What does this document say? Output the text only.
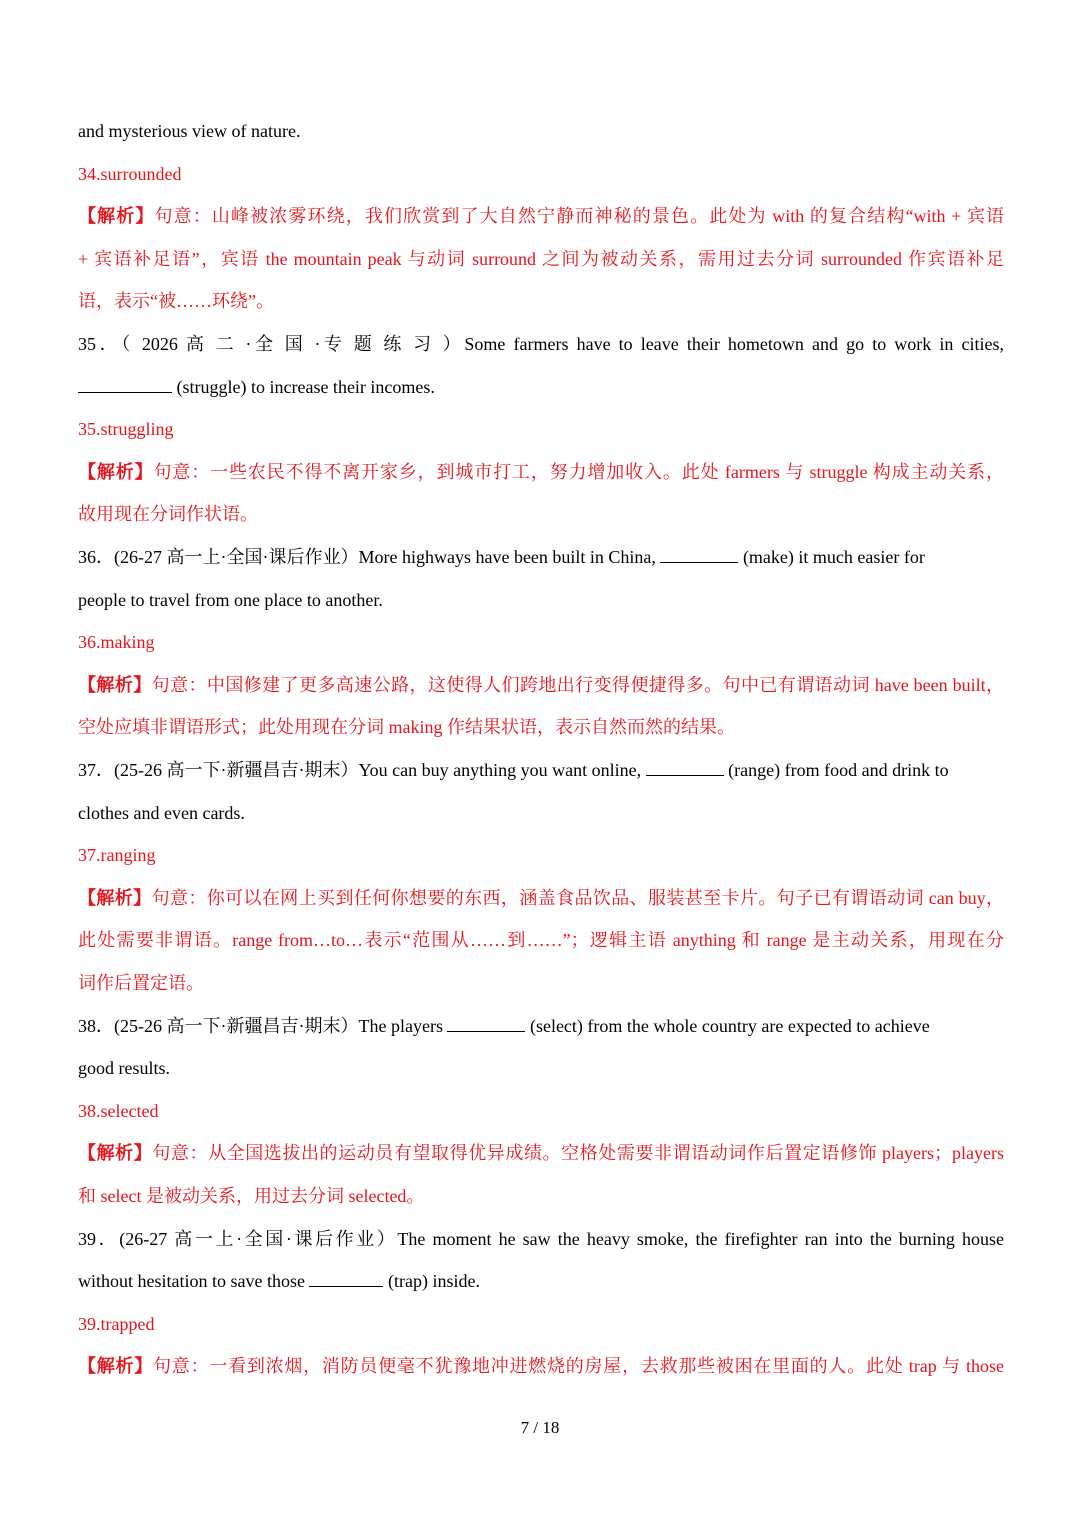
and mysterious view of nature.
34.surrounded
【解析】句意：山峰被浓雾环绕，我们欣赏到了大自然宁静而神秘的景色。此处为 with 的复合结构“with + 宾语
+ 宾语补足语”，宾语 the mountain peak 与动词 surround 之间为被动关系，需用过去分词 surrounded 作宾语补足
语，表示“被……环绕”。
35．（ 2026 高 二 ·全 国 ·专 题 练 习 ）Some farmers have to leave their hometown and go to work in cities,
(struggle) to increase their incomes.
35.struggling
【解析】句意：一些农民不得不离开家乡，到城市打工，努力增加收入。此处 farmers 与 struggle 构成主动关系，
故用现在分词作状语。
36．(26-27 高一上·全国·课后作业）More highways have been built in China,	(make) it much easier for
people to travel from one place to another.
36.making
【解析】句意：中国修建了更多高速公路，这使得人们跨地出行变得便捷得多。句中已有谓语动词 have been built，
空处应填非谓语形式；此处用现在分词 making 作结果状语，表示自然而然的结果。
37．(25-26 高一下·新疆昌吉·期末）You can buy anything you want online,	(range) from food and drink to
clothes and even cards.
37.ranging
【解析】句意：你可以在网上买到任何你想要的东西，涵盖食品饮品、服装甚至卡片。句子已有谓语动词 can buy，
此处需要非谓语。range from…to…表示“范围从……到……”；逻辑主语 anything 和 range 是主动关系，用现在分
词作后置定语。
38．(25-26 高一下·新疆昌吉·期末）The players	(select) from the whole country are expected to achieve
good results.
38.selected
【解析】句意：从全国选拔出的运动员有望取得优异成绩。空格处需要非谓语动词作后置定语修饰 players；players
和 select 是被动关系，用过去分词 selected。
39．(26-27 高一上·全国·课后作业）The moment he saw the heavy smoke, the firefighter ran into the burning house
without hesitation to save those	(trap) inside.
39.trapped
【解析】句意：一看到浓烟，消防员便毫不犹豫地冲进燃烧的房屋，去救那些被困在里面的人。此处 trap 与 those
7 / 18
